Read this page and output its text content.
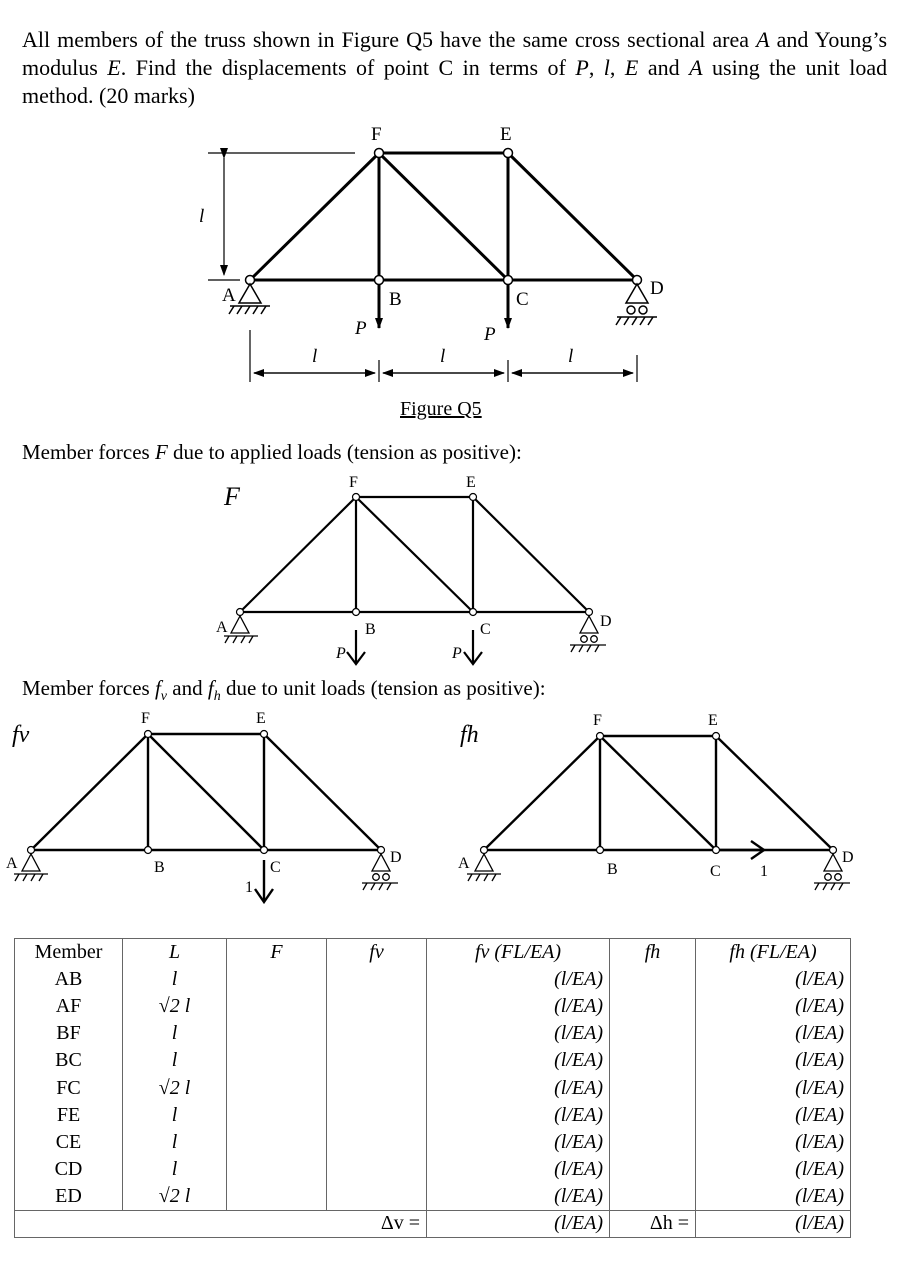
All members of the truss shown in Figure Q5 have the same cross sectional area A and Young’s modulus E. Find the displacements of point C in terms of P, l, E and A using the unit load method. (20 marks)
F	E
A	B	C
D
P	P
l
l	l	l
Figure Q5
Member forces F due to applied loads (tension as positive):
F	F	E
A	B	C	D
P	P
Member forces $f_v$ and $f_h$ due to unit loads (tension as positive):
fv	fh
F	E
A	B	C
D
1
F	E
A	B	C
D
1
Member	L	F	fv	fv (FL/EA)	fh	fh (FL/EA)
AB	l			(l/EA)		(l/EA)
AF	√2 l			(l/EA)		(l/EA)
BF	l			(l/EA)		(l/EA)
BC	l			(l/EA)		(l/EA)
FC	√2 l			(l/EA)		(l/EA)
FE	l			(l/EA)		(l/EA)
CE	l			(l/EA)		(l/EA)
CD	l			(l/EA)		(l/EA)
ED	√2 l			(l/EA)		(l/EA)
Δv =				(l/EA)	Δh =	(l/EA)
